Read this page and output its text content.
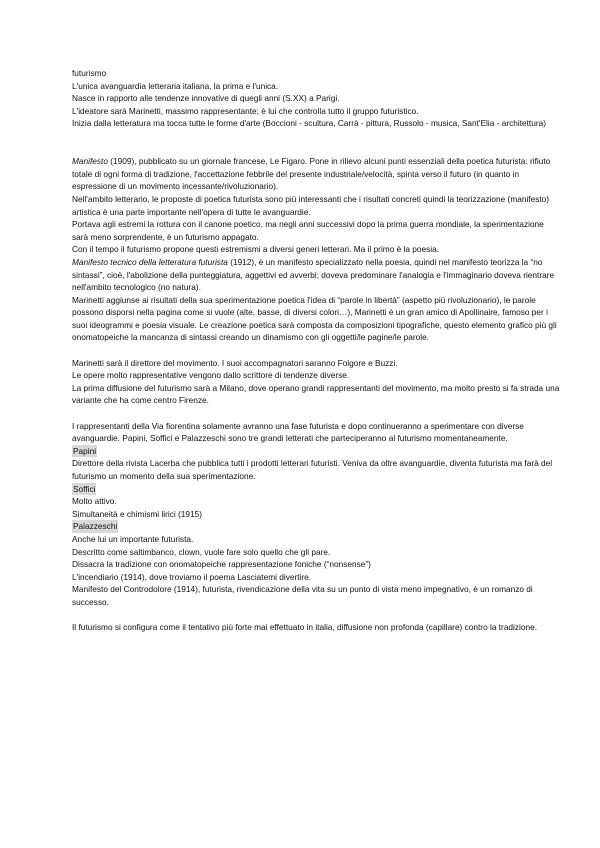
futurismo

L'unica avanguardia letteraria italiana, la prima e l'unica.

Nasce in rapporto alle tendenze innovative di quegli anni (S.XX) a Parigi.

L'ideatore sarà Marinetti, massimo rappresentante; è lui che controlla tutto il gruppo futuristico.

Inizia dalla letteratura ma tocca tutte le forme d'arte (Boccioni - scultura, Carrà - pittura, Russolo - musica, Sant'Elia - architettura)

Manifesto (1909), pubblicato su un giornale francese, Le Figaro. Pone in rilievo alcuni punti essenziali della poetica futurista: rifiuto totale di ogni forma di tradizione, l'accettazione febbrile del presente industriale/velocità, spinta verso il futuro (in quanto in espressione di un movimento incessante/rivoluzionario).

Nell'ambito letterario, le proposte di poetica futurista sono più interessanti che i risultati concreti quindi la teorizzazione (manifesto) artistica è una parte importante nell'opera di tutte le avanguardie.

Portava agli estremi la rottura con il canone poetico, ma negli anni successivi dopo la prima guerra mondiale, la sperimentazione sarà meno sorprendente, è un futurismo appagato.

Con il tempo il futurismo propone questi estremismi a diversi generi letterari. Ma il primo è la poesia.

Manifesto tecnico della letteratura futurista (1912), è un manifesto specializzato nella poesia, quindi nel manifesto teorizza la “no sintassi”, cioè, l'abolizione della punteggiatura, aggettivi ed avverbi; doveva predominare l'analogia e l'immaginario doveva rientrare nell'ambito tecnologico (no natura).

Marinetti aggiunse ai risultati della sua sperimentazione poetica l'idea di “parole in libertà” (aspetto più rivoluzionario), le parole possono disporsi nella pagina come si vuole (alte, basse, di diversi colori…), Marinetti è un gran amico di Apollinaire, famoso per i suoi ideogrammi e poesia visuale. Le creazione poetica sarà composta da composizioni tipografiche, questo elemento grafico più gli onomatopeiche la mancanza di sintassi creando un dinamismo con gli oggetti/le pagine/le parole.

Marinetti sarà il direttore del movimento. I suoi accompagnatori saranno Folgore e Buzzi.

Le opere molto rappresentative vengono dallo scrittore di tendenze diverse.

La prima diffusione del futurismo sarà a Milano, dove operano grandi rappresentanti del movimento, ma molto presto si fa strada una variante che ha come centro Firenze.

I rappresentanti della Via fiorentina solamente avranno una fase futurista e dopo continueranno a sperimentare con diverse avanguardie. Papini, Soffici e Palazzeschi sono tre grandi letterati che parteciperanno al futurismo momentaneamente.

Papini

Direttore della rivista Lacerba che pubblica tutti i prodotti letterari futuristi. Veniva da oltre avanguardie, diventa futurista ma farà del futurismo un momento della sua sperimentazione.

Soffici

Molto attivo.

Simultaneità e chimismi lirici (1915)

Palazzeschi

Anche lui un importante futurista.

Descritto come saltimbanco, clown, vuole fare solo quello che gli pare.

Dissacra la tradizione con onomatopeiche rappresentazione foniche (“nonsense”)

L'incendiario (1914), dove troviamo il poema Lasciatemi divertire.

Manifesto del Controdolore (1914), futurista, rivendicazione della vita su un punto di vista meno impegnativo, è un romanzo di successo.

Il futurismo si configura come il tentativo più forte mai effettuato in italia, diffusione non profonda (capillare) contro la tradizione.
